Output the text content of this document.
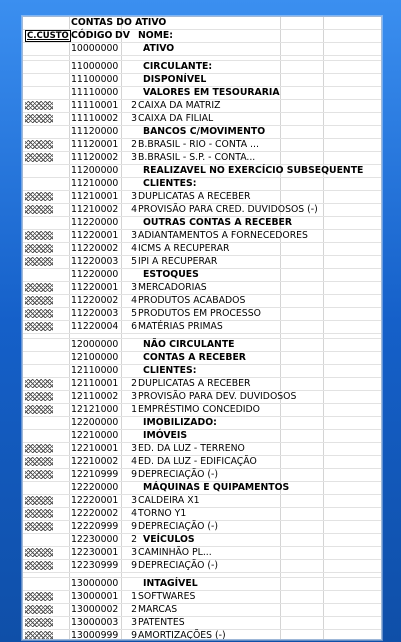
CONTAS DO ATIVO
C.CUSTO CÓDIGO DV NOME:
10000000	ATIVO
11000000	CIRCULANTE:
11100000	DISPONÍVEL
11110000	VALORES EM TESOURARIA
11110001	2 CAIXA DA MATRIZ
11110002	3 CAIXA DA FILIAL
11120000	BANCOS C/MOVIMENTO
11120001	2 B.BRASIL - RIO - CONTA ...
11120002	3 B.BRASIL - S.P. - CONTA...
11200000	REALIZAVEL NO EXERCÍCIO SUBSEQUENTE
11210000	CLIENTES:
11210001	3 DUPLICATAS A RECEBER
11210002	4 PROVISÃO PARA CRED. DUVIDOSOS (-)
11220000	OUTRAS CONTAS A RECEBER
11220001	3 ADIANTAMENTOS A FORNECEDORES
11220002	4 ICMS A RECUPERAR
11220003	5 IPI A RECUPERAR
11220000	ESTOQUES
11220001	3 MERCADORIAS
11220002	4 PRODUTOS ACABADOS
11220003	5 PRODUTOS EM PROCESSO
11220004	6 MATÉRIAS PRIMAS
12000000	NÃO CIRCULANTE
12100000	CONTAS A RECEBER
12110000	CLIENTES:
12110001	2 DUPLICATAS A RECEBER
12110002	3 PROVISÃO PARA DEV. DUVIDOSOS
12121000	1 EMPRÉSTIMO CONCEDIDO
12200000	IMOBILIZADO:
12210000	IMÓVEIS
12210001	3 ED. DA LUZ - TERRENO
12210002	4 ED. DA LUZ - EDIFICAÇÃO
12210999	9 DEPRECIAÇÃO (-)
12220000	MÁQUINAS E QUIPAMENTOS
12220001	3 CALDEIRA X1
12220002	4 TORNO Y1
12220999	9 DEPRECIAÇÃO (-)
12230000	2 VEÍCULOS
12230001	3 CAMINHÃO PL...
12230999	9 DEPRECIAÇÃO (-)
13000000	INTAGÍVEL
13000001	1 SOFTWARES
13000002	2 MARCAS
13000003	3 PATENTES
13000999	9 AMORTIZAÇÕES (-)
